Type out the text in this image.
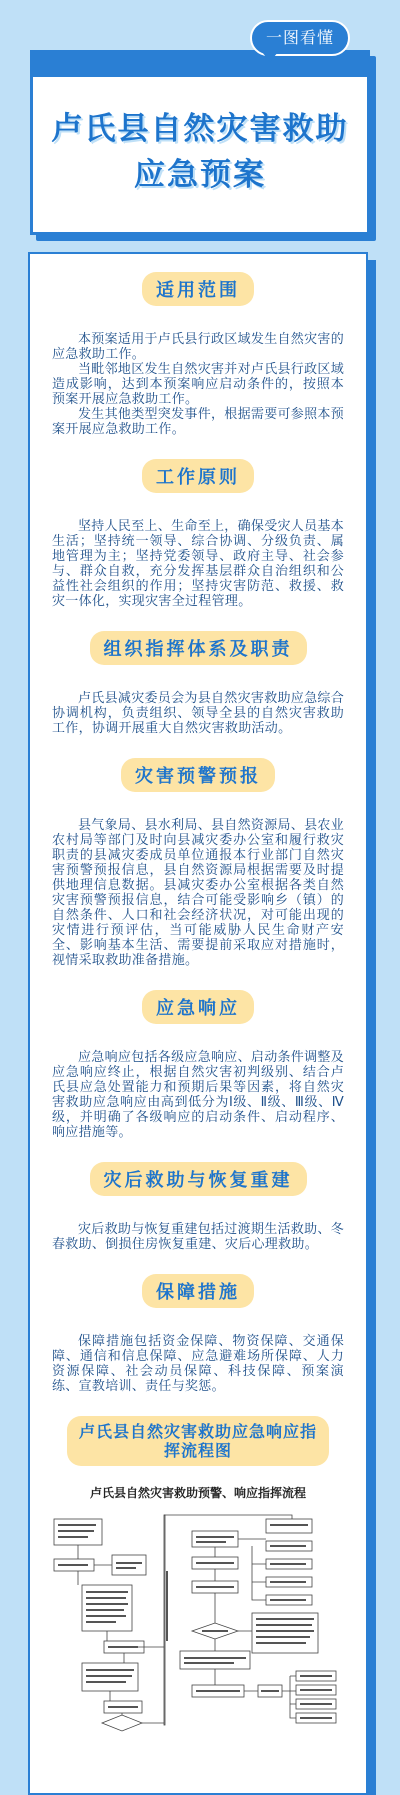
卢氏县自然灾害救助
应急预案
一图看懂
适用范围

本预案适用于卢氏县行政区域发生自然灾害的应急救助工作。

当毗邻地区发生自然灾害并对卢氏县行政区域造成影响，达到本预案响应启动条件的，按照本预案开展应急救助工作。

发生其他类型突发事件，根据需要可参照本预案开展应急救助工作。

工作原则

坚持人民至上、生命至上，确保受灾人员基本生活；坚持统一领导、综合协调、分级负责、属地管理为主；坚持党委领导、政府主导、社会参与、群众自救，充分发挥基层群众自治组织和公益性社会组织的作用；坚持灾害防范、救援、救灾一体化，实现灾害全过程管理。

组织指挥体系及职责

卢氏县减灾委员会为县自然灾害救助应急综合协调机构，负责组织、领导全县的自然灾害救助工作，协调开展重大自然灾害救助活动。

灾害预警预报

县气象局、县水利局、县自然资源局、县农业农村局等部门及时向县减灾委办公室和履行救灾职责的县减灾委成员单位通报本行业部门自然灾害预警预报信息，县自然资源局根据需要及时提供地理信息数据。县减灾委办公室根据各类自然灾害预警预报信息，结合可能受影响乡（镇）的自然条件、人口和社会经济状况，对可能出现的灾情进行预评估，当可能威胁人民生命财产安全、影响基本生活、需要提前采取应对措施时，视情采取救助准备措施。

应急响应

应急响应包括各级应急响应、启动条件调整及应急响应终止，根据自然灾害初判级别、结合卢氏县应急处置能力和预期后果等因素，将自然灾害救助应急响应由高到低分为Ⅰ级、Ⅱ级、Ⅲ级、Ⅳ级，并明确了各级响应的启动条件、启动程序、响应措施等。

灾后救助与恢复重建

灾后救助与恢复重建包括过渡期生活救助、冬春救助、倒损住房恢复重建、灾后心理救助。

保障措施

保障措施包括资金保障、物资保障、交通保障、通信和信息保障、应急避难场所保障、人力资源保障、社会动员保障、科技保障、预案演练、宣教培训、责任与奖惩。

卢氏县自然灾害救助应急响应指挥流程图
卢氏县自然灾害救助预警、响应指挥流程
